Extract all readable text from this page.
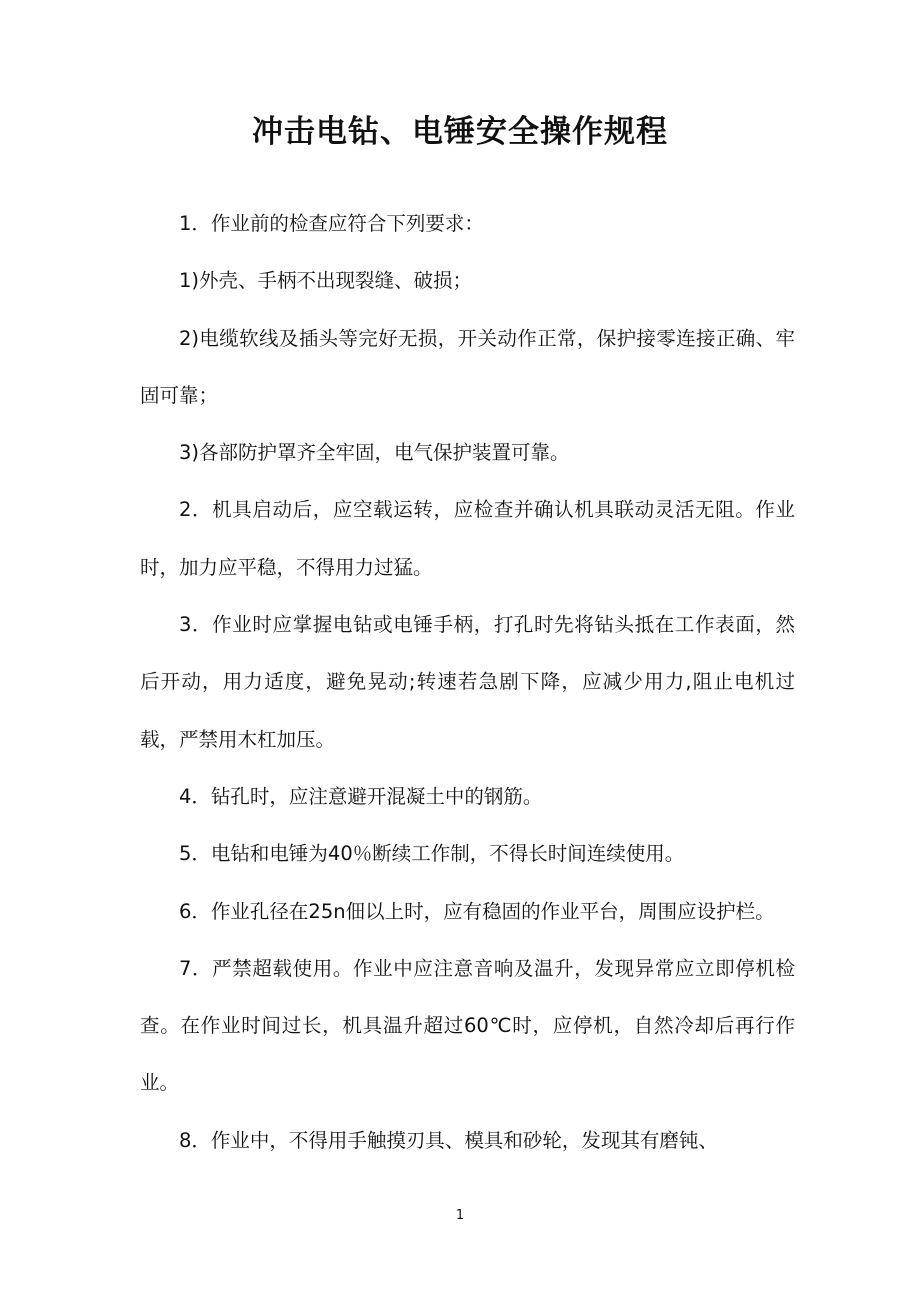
冲击电钻、电锤安全操作规程

1．作业前的检查应符合下列要求：

1)外壳、手柄不出现裂缝、破损；

2)电缆软线及插头等完好无损，开关动作正常，保护接零连接正确、牢固可靠；

3)各部防护罩齐全牢固，电气保护装置可靠。

2．机具启动后，应空载运转，应检查并确认机具联动灵活无阻。作业时，加力应平稳，不得用力过猛。

3．作业时应掌握电钻或电锤手柄，打孔时先将钻头抵在工作表面，然后开动，用力适度，避免晃动;转速若急剧下降，应减少用力,阻止电机过载，严禁用木杠加压。

4．钻孔时，应注意避开混凝土中的钢筋。

5．电钻和电锤为40％断续工作制，不得长时间连续使用。

6．作业孔径在25n佃以上时，应有稳固的作业平台，周围应设护栏。

7．严禁超载使用。作业中应注意音响及温升，发现异常应立即停机检查。在作业时间过长，机具温升超过60℃时，应停机，自然冷却后再行作业。

8．作业中，不得用手触摸刃具、模具和砂轮，发现其有磨钝、

1
